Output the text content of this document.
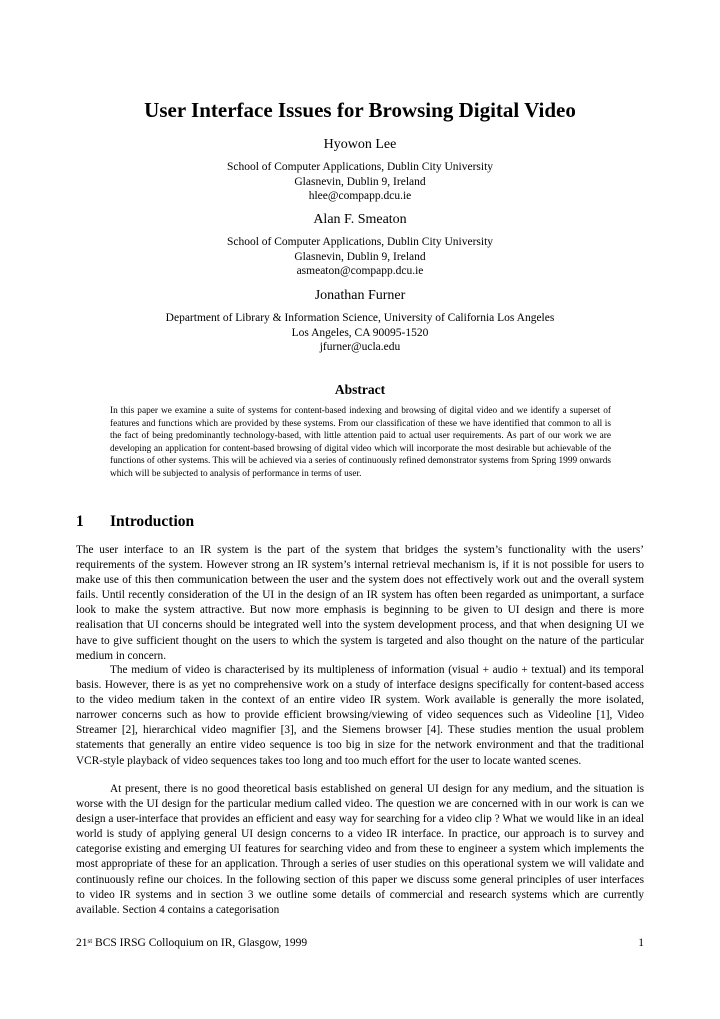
User Interface Issues for Browsing Digital Video

Hyowon Lee

School of Computer Applications, Dublin City University
Glasnevin, Dublin 9, Ireland
hlee@compapp.dcu.ie

Alan F. Smeaton

School of Computer Applications, Dublin City University
Glasnevin, Dublin 9, Ireland
asmeaton@compapp.dcu.ie

Jonathan Furner

Department of Library & Information Science, University of California Los Angeles
Los Angeles, CA 90095-1520
jfurner@ucla.edu
Abstract

In this paper we examine a suite of systems for content-based indexing and browsing of digital video and we identify a superset of features and functions which are provided by these systems. From our classification of these we have identified that common to all is the fact of being predominantly technology-based, with little attention paid to actual user requirements. As part of our work we are developing an application for content-based browsing of digital video which will incorporate the most desirable but achievable of the functions of other systems. This will be achieved via a series of continuously refined demonstrator systems from Spring 1999 onwards which will be subjected to analysis of performance in terms of user.

1 Introduction

The user interface to an IR system is the part of the system that bridges the system’s functionality with the users’ requirements of the system. However strong an IR system’s internal retrieval mechanism is, if it is not possible for users to make use of this then communication between the user and the system does not effectively work out and the overall system fails. Until recently consideration of the UI in the design of an IR system has often been regarded as unimportant, a surface look to make the system attractive. But now more emphasis is beginning to be given to UI design and there is more realisation that UI concerns should be integrated well into the system development process, and that when designing UI we have to give sufficient thought on the users to which the system is targeted and also thought on the nature of the particular medium in concern.

The medium of video is characterised by its multipleness of information (visual + audio + textual) and its temporal basis. However, there is as yet no comprehensive work on a study of interface designs specifically for content-based access to the video medium taken in the context of an entire video IR system. Work available is generally the more isolated, narrower concerns such as how to provide efficient browsing/viewing of video sequences such as Videoline [1], Video Streamer [2], hierarchical video magnifier [3], and the Siemens browser [4]. These studies mention the usual problem statements that generally an entire video sequence is too big in size for the network environment and that the traditional VCR-style playback of video sequences takes too long and too much effort for the user to locate wanted scenes.

At present, there is no good theoretical basis established on general UI design for any medium, and the situation is worse with the UI design for the particular medium called video. The question we are concerned with in our work is can we design a user-interface that provides an efficient and easy way for searching for a video clip ? What we would like in an ideal world is study of applying general UI design concerns to a video IR interface. In practice, our approach is to survey and categorise existing and emerging UI features for searching video and from these to engineer a system which implements the most appropriate of these for an application. Through a series of user studies on this operational system we will validate and continuously refine our choices. In the following section of this paper we discuss some general principles of user interfaces to video IR systems and in section 3 we outline some details of commercial and research systems which are currently available. Section 4 contains a categorisation

21st BCS IRSG Colloquium on IR, Glasgow, 1999	1
